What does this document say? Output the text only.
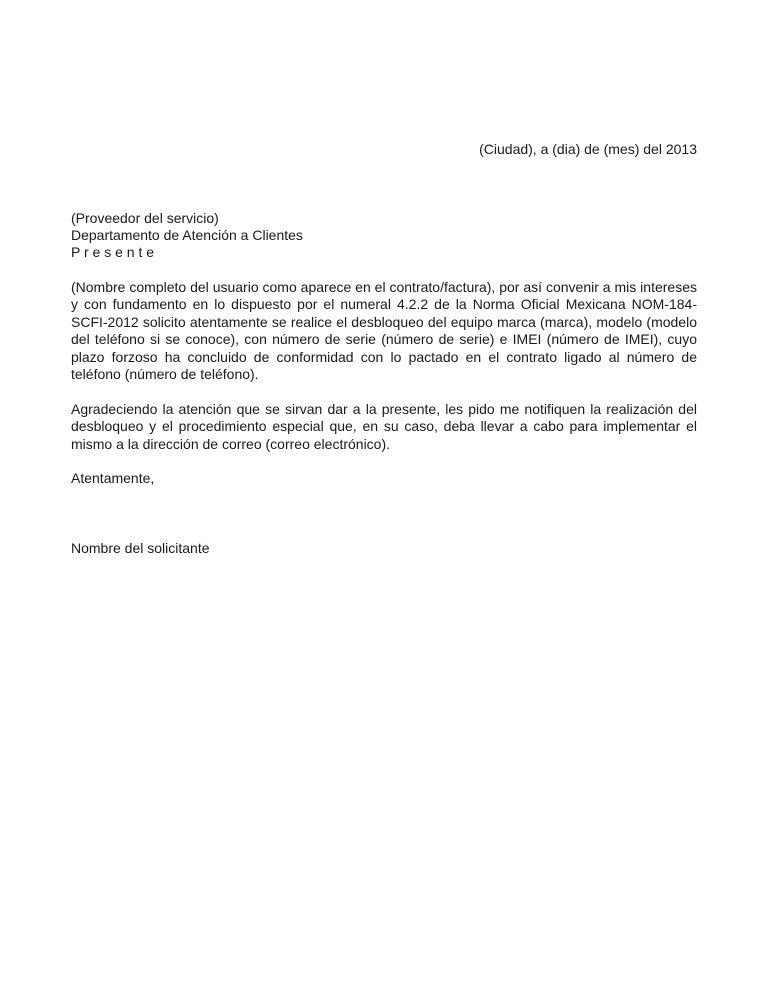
(Ciudad), a (dia) de (mes) del 2013
(Proveedor del servicio)
Departamento de Atención a Clientes
P r e s e n t e

(Nombre completo del usuario como aparece en el contrato/factura), por así convenir a mis intereses y con fundamento en lo dispuesto por el numeral 4.2.2 de la Norma Oficial Mexicana NOM-184-SCFI-2012 solicito atentamente se realice el desbloqueo del equipo marca (marca), modelo (modelo del teléfono si se conoce), con número de serie (número de serie) e IMEI (número de IMEI), cuyo plazo forzoso ha concluido de conformidad con lo pactado en el contrato ligado al número de teléfono (número de teléfono).

Agradeciendo la atención que se sirvan dar a la presente, les pido me notifiquen la realización del desbloqueo y el procedimiento especial que, en su caso, deba llevar a cabo para implementar el mismo a la dirección de correo (correo electrónico).

Atentamente,
Nombre del solicitante
